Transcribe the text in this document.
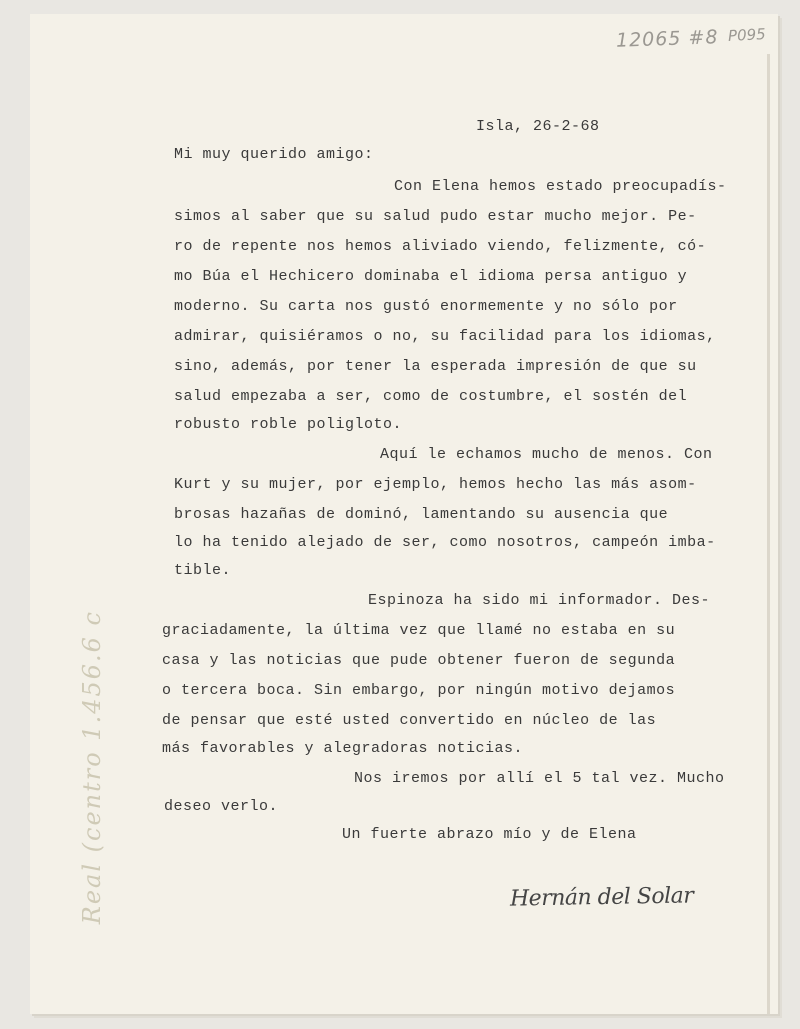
12065 #8 P095
Real (centro 1.456.6 c
Isla, 26-2-68
Mi muy querido amigo:
Con Elena hemos estado preocupadís-
simos al saber que su salud pudo estar mucho mejor. Pe-
ro de repente nos hemos aliviado viendo, felizmente, có-
mo Búa el Hechicero dominaba el idioma persa antiguo y
moderno. Su carta nos gustó enormemente y no sólo por
admirar, quisiéramos o no, su facilidad para los idiomas,
sino, además, por tener la esperada impresión de que su
salud empezaba a ser, como de costumbre, el sostén del
robusto roble poligloto.
Aquí le echamos mucho de menos. Con
Kurt y su mujer, por ejemplo, hemos hecho las más asom-
brosas hazañas de dominó, lamentando su ausencia que
lo ha tenido alejado de ser, como nosotros, campeón imba-
tible.
Espinoza ha sido mi informador. Des-
graciadamente, la última vez que llamé no estaba en su
casa y las noticias que pude obtener fueron de segunda
o tercera boca. Sin embargo, por ningún motivo dejamos
de pensar que esté usted convertido en núcleo de las
más favorables y alegradoras noticias.
Nos iremos por allí el 5 tal vez. Mucho
deseo verlo.
Un fuerte abrazo mío y de Elena
Hernán del Solar
